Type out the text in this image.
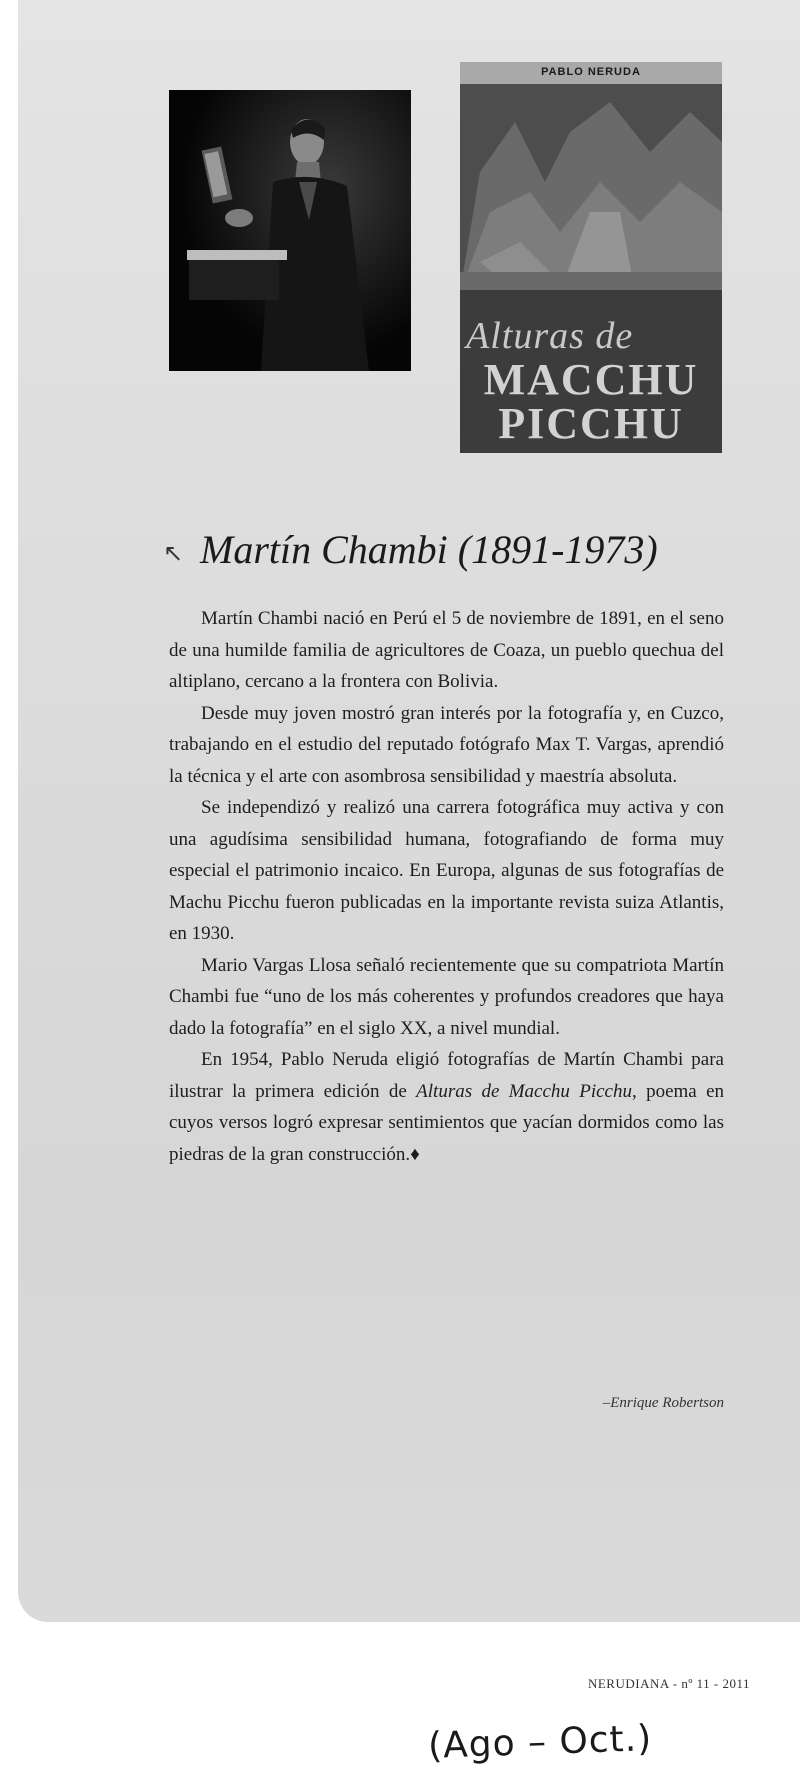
PABLO NERUDA
Alturas de
MACCHU
PICCHU
↖ Martín Chambi (1891-1973)

Martín Chambi nació en Perú el 5 de noviembre de 1891, en el seno de una humilde familia de agricultores de Coaza, un pueblo quechua del altiplano, cercano a la frontera con Bolivia.

Desde muy joven mostró gran interés por la fotografía y, en Cuzco, trabajando en el estudio del reputado fotógrafo Max T. Vargas, aprendió la técnica y el arte con asombrosa sensibilidad y maestría absoluta.

Se independizó y realizó una carrera fotográfica muy activa y con una agudísima sensibilidad humana, fotografiando de forma muy especial el patrimonio incaico. En Europa, algunas de sus fotografías de Machu Picchu fueron publicadas en la importante revista suiza Atlantis, en 1930.

Mario Vargas Llosa señaló recientemente que su compatriota Martín Chambi fue “uno de los más coherentes y profundos creadores que haya dado la fotografía” en el siglo XX, a nivel mundial.

En 1954, Pablo Neruda eligió fotografías de Martín Chambi para ilustrar la primera edición de Alturas de Macchu Picchu, poema en cuyos versos logró expresar sentimientos que yacían dormidos como las piedras de la gran construcción.♦

–Enrique Robertson
NERUDIANA - nº 11 - 2011
(Ago – Oct.)
